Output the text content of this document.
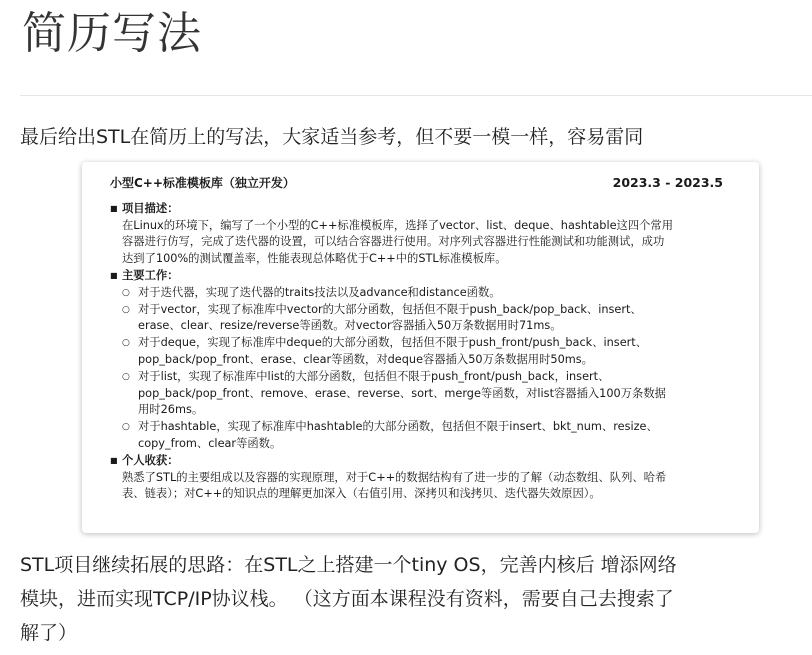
简历写法
最后给出STL在简历上的写法，大家适当参考，但不要一模一样，容易雷同
小型C++标准模板库（独立开发）	2023.3 - 2023.5
■ 项目描述：
在Linux的环境下，编写了一个小型的C++标准模板库，选择了vector、list、deque、hashtable这四个常用
容器进行仿写，完成了迭代器的设置，可以结合容器进行使用。对序列式容器进行性能测试和功能测试，成功
达到了100%的测试覆盖率，性能表现总体略优于C++中的STL标准模板库。
■ 主要工作：
○ 对于迭代器，实现了迭代器的traits技法以及advance和distance函数。
○ 对于vector，实现了标准库中vector的大部分函数，包括但不限于push_back/pop_back、insert、
erase、clear、resize/reverse等函数。对vector容器插入50万条数据用时71ms。
○ 对于deque，实现了标准库中deque的大部分函数，包括但不限于push_front/push_back、insert、
pop_back/pop_front、erase、clear等函数，对deque容器插入50万条数据用时50ms。
○ 对于list，实现了标准库中list的大部分函数，包括但不限于push_front/push_back，insert、
pop_back/pop_front、remove、erase、reverse、sort、merge等函数，对list容器插入100万条数据
用时26ms。
○ 对于hashtable，实现了标准库中hashtable的大部分函数，包括但不限于insert、bkt_num、resize、
copy_from、clear等函数。
■ 个人收获：
熟悉了STL的主要组成以及容器的实现原理，对于C++的数据结构有了进一步的了解（动态数组、队列、哈希
表、链表）；对C++的知识点的理解更加深入（右值引用、深拷贝和浅拷贝、迭代器失效原因）。
STL项目继续拓展的思路：在STL之上搭建一个tiny OS，完善内核后 增添网络
模块，进而实现TCP/IP协议栈。 （这方面本课程没有资料，需要自己去搜索了
解了）
